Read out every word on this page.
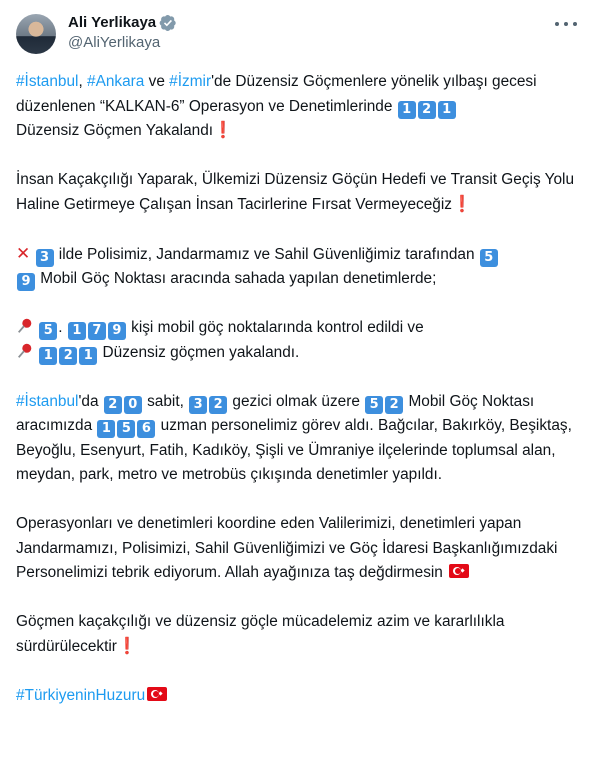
Ali Yerlikaya
@AliYerlikaya
#İstanbul, #Ankara ve #İzmir'de Düzensiz Göçmenlere yönelik yılbaşı gecesi düzenlenen “KALKAN-6” Operasyon ve Denetimlerinde 1 2 1
Düzensiz Göçmen Yakalandı❗
İnsan Kaçakçılığı Yaparak, Ülkemizi Düzensiz Göçün Hedefi ve Transit Geçiş Yolu Haline Getirmeye Çalışan İnsan Tacirlerine Fırsat Vermeyeceğiz❗
✕ 3 ilde Polisimiz, Jandarmamız ve Sahil Güvenliğimiz tarafından 5
9 Mobil Göç Noktası aracında sahada yapılan denetimlerde;
5 . 1 7 9 kişi mobil göç noktalarında kontrol edildi ve
1 2 1 Düzensiz göçmen yakalandı.
#İstanbul'da 2 0 sabit, 3 2 gezici olmak üzere 5 2 Mobil Göç Noktası aracımızda 1 5 6 uzman personelimiz görev aldı. Bağcılar, Bakırköy, Beşiktaş, Beyoğlu, Esenyurt, Fatih, Kadıköy, Şişli ve Ümraniye ilçelerinde toplumsal alan, meydan, park, metro ve metrobüs çıkışında denetimler yapıldı.
Operasyonları ve denetimleri koordine eden Valilerimizi, denetimleri yapan Jandarmamızı, Polisimizi, Sahil Güvenliğimizi ve Göç İdaresi Başkanlığımızdaki Personelimizi tebrik ediyorum. Allah ayağınıza taş değdirmesin
Göçmen kaçakçılığı ve düzensiz göçle mücadelemiz azim ve kararlılıkla sürdürülecektir❗
#TürkiyeninHuzuru
